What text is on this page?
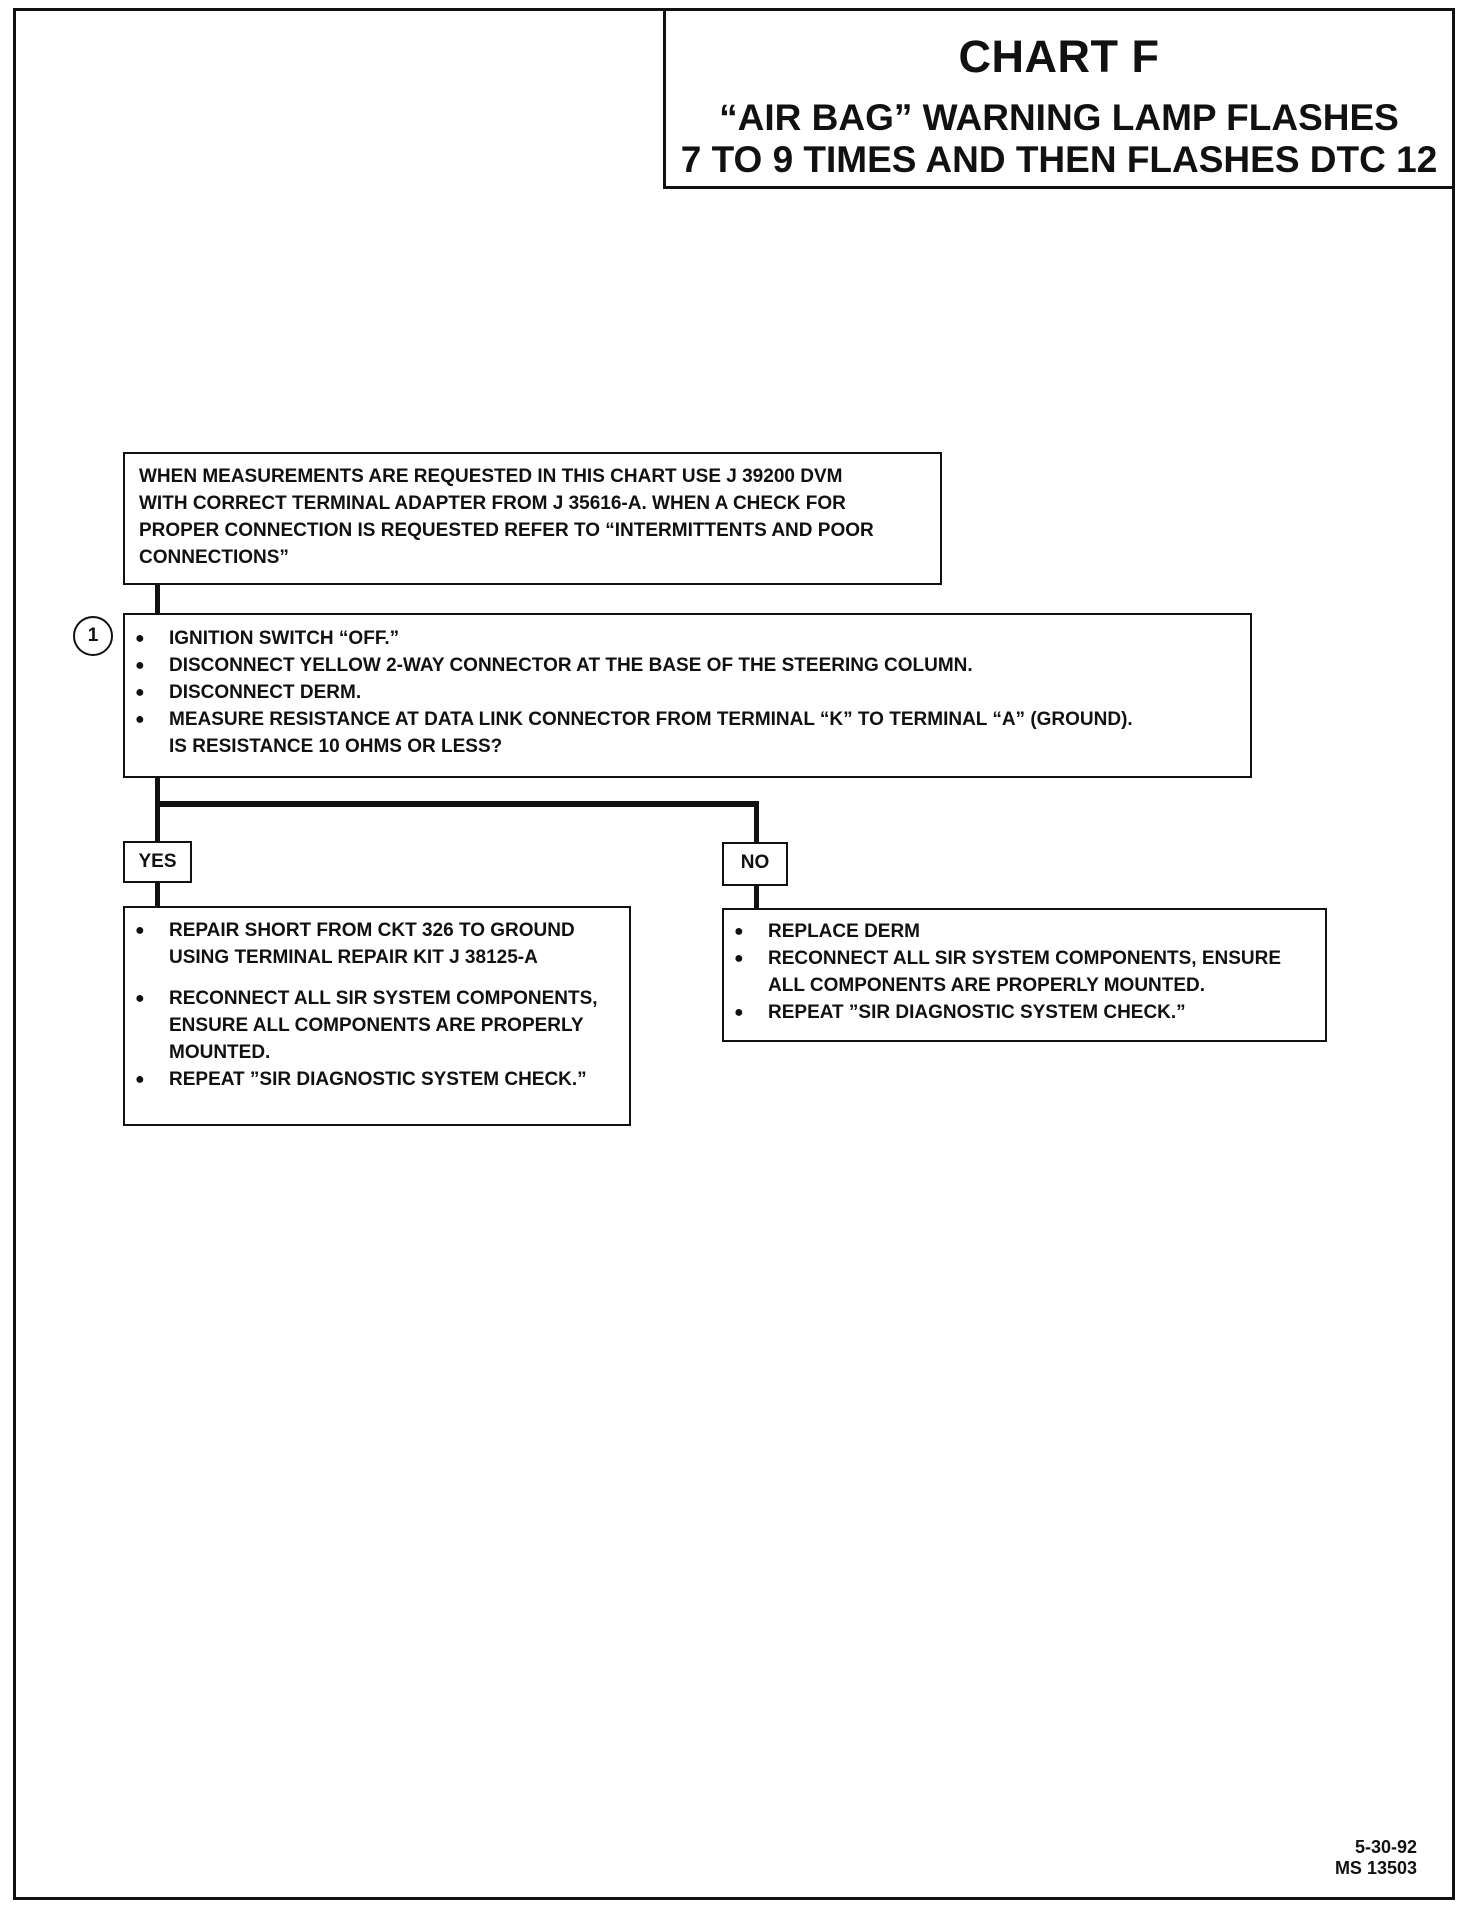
CHART F
“AIR BAG” WARNING LAMP FLASHES
7 TO 9 TIMES AND THEN FLASHES DTC 12
WHEN MEASUREMENTS ARE REQUESTED IN THIS CHART USE J 39200 DVM
WITH CORRECT TERMINAL ADAPTER FROM J 35616-A. WHEN A CHECK FOR
PROPER CONNECTION IS REQUESTED REFER TO “INTERMITTENTS AND POOR
CONNECTIONS”
1	● IGNITION SWITCH “OFF.”
● DISCONNECT YELLOW 2-WAY CONNECTOR AT THE BASE OF THE STEERING COLUMN.
● DISCONNECT DERM.
● MEASURE RESISTANCE AT DATA LINK CONNECTOR FROM TERMINAL “K” TO TERMINAL “A” (GROUND).
IS RESISTANCE 10 OHMS OR LESS?
YES	NO
● REPAIR SHORT FROM CKT 326 TO GROUND USING TERMINAL REPAIR KIT J 38125-A
● RECONNECT ALL SIR SYSTEM COMPONENTS, ENSURE ALL COMPONENTS ARE PROPERLY MOUNTED.
● REPEAT ”SIR DIAGNOSTIC SYSTEM CHECK.”
● REPLACE DERM
● RECONNECT ALL SIR SYSTEM COMPONENTS, ENSURE ALL COMPONENTS ARE PROPERLY MOUNTED.
● REPEAT ”SIR DIAGNOSTIC SYSTEM CHECK.”
5-30-92
MS 13503
